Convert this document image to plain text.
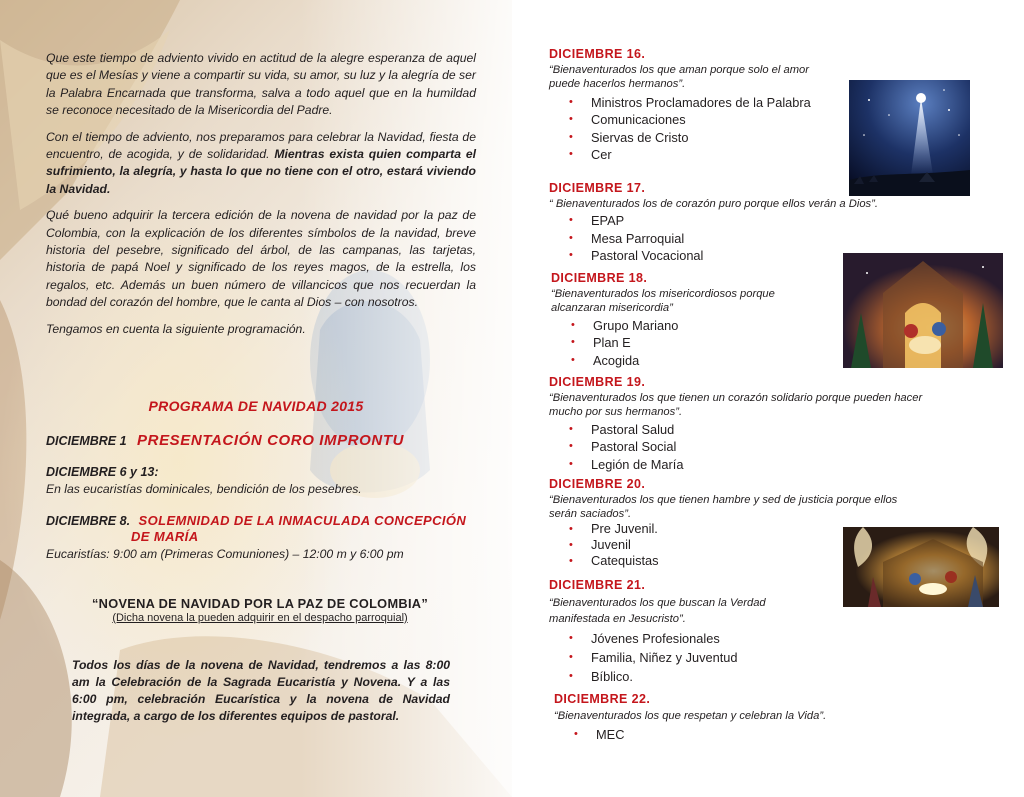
Que este tiempo de adviento vivido en actitud de la alegre esperanza de aquel que es el Mesías y viene a compartir su vida, su amor, su luz y la alegría de ser la Palabra Encarnada que transforma, salva a todo aquel que en la humildad se reconoce necesitado de la Misericordia del Padre.

Con el tiempo de adviento, nos preparamos para celebrar la Navidad, fiesta de encuentro, de acogida, y de solidaridad. Mientras exista quien comparta el sufrimiento, la alegría, y hasta lo que no tiene con el otro, estará viviendo la Navidad.

Qué bueno adquirir la tercera edición de la novena de navidad por la paz de Colombia, con la explicación de los diferentes símbolos de la navidad, breve historia del pesebre, significado del árbol, de las campanas, las tarjetas, historia de papá Noel y significado de los reyes magos, de la estrella, los regalos, etc. Además un buen número de villancicos que nos recuerdan la bondad del corazón del hombre, que le canta al Dios – con nosotros.

Tengamos en cuenta la siguiente programación.

PROGRAMA DE NAVIDAD 2015
DICIEMBRE 1 PRESENTACIÓN CORO IMPRONTU
DICIEMBRE 6 y 13:
En las eucaristías dominicales, bendición de los pesebres.
DICIEMBRE 8. SOLEMNIDAD DE LA INMACULADA CONCEPCIÓN
DE MARÍA
Eucaristías: 9:00 am (Primeras Comuniones) – 12:00 m y 6:00 pm
“NOVENA DE NAVIDAD POR LA PAZ DE COLOMBIA”
(Dicha novena la pueden adquirir en el despacho parroquial)
Todos los días de la novena de Navidad, tendremos a las 8:00 am la Celebración de la Sagrada Eucaristía y Novena. Y a las 6:00 pm, celebración Eucarística y la novena de Navidad integrada, a cargo de los diferentes equipos de pastoral.
DICIEMBRE 16.
“Bienaventurados los que aman porque solo el amor
puede hacerlos hermanos”.
• Ministros Proclamadores de la Palabra
• Comunicaciones
• Siervas de Cristo
• Cer
DICIEMBRE 17.
“ Bienaventurados los de corazón puro porque ellos verán a Dios”.
• EPAP
• Mesa Parroquial
• Pastoral Vocacional
DICIEMBRE 18.
“Bienaventurados los misericordiosos porque
alcanzaran misericordia”
• Grupo Mariano
• Plan E
• Acogida
DICIEMBRE 19.
“Bienaventurados los que tienen un corazón solidario porque pueden hacer
mucho por sus hermanos”.
• Pastoral Salud
• Pastoral Social
• Legión de María
DICIEMBRE 20.
“Bienaventurados los que tienen hambre y sed de justicia porque ellos
serán saciados”.
• Pre Juvenil.
• Juvenil
• Catequistas
DICIEMBRE 21.
“Bienaventurados los que buscan la Verdad
manifestada en Jesucristo”.
• Jóvenes Profesionales
• Familia, Niñez y Juventud
• Bíblico.
DICIEMBRE 22.
“Bienaventurados los que respetan y celebran la Vida”.
• MEC
